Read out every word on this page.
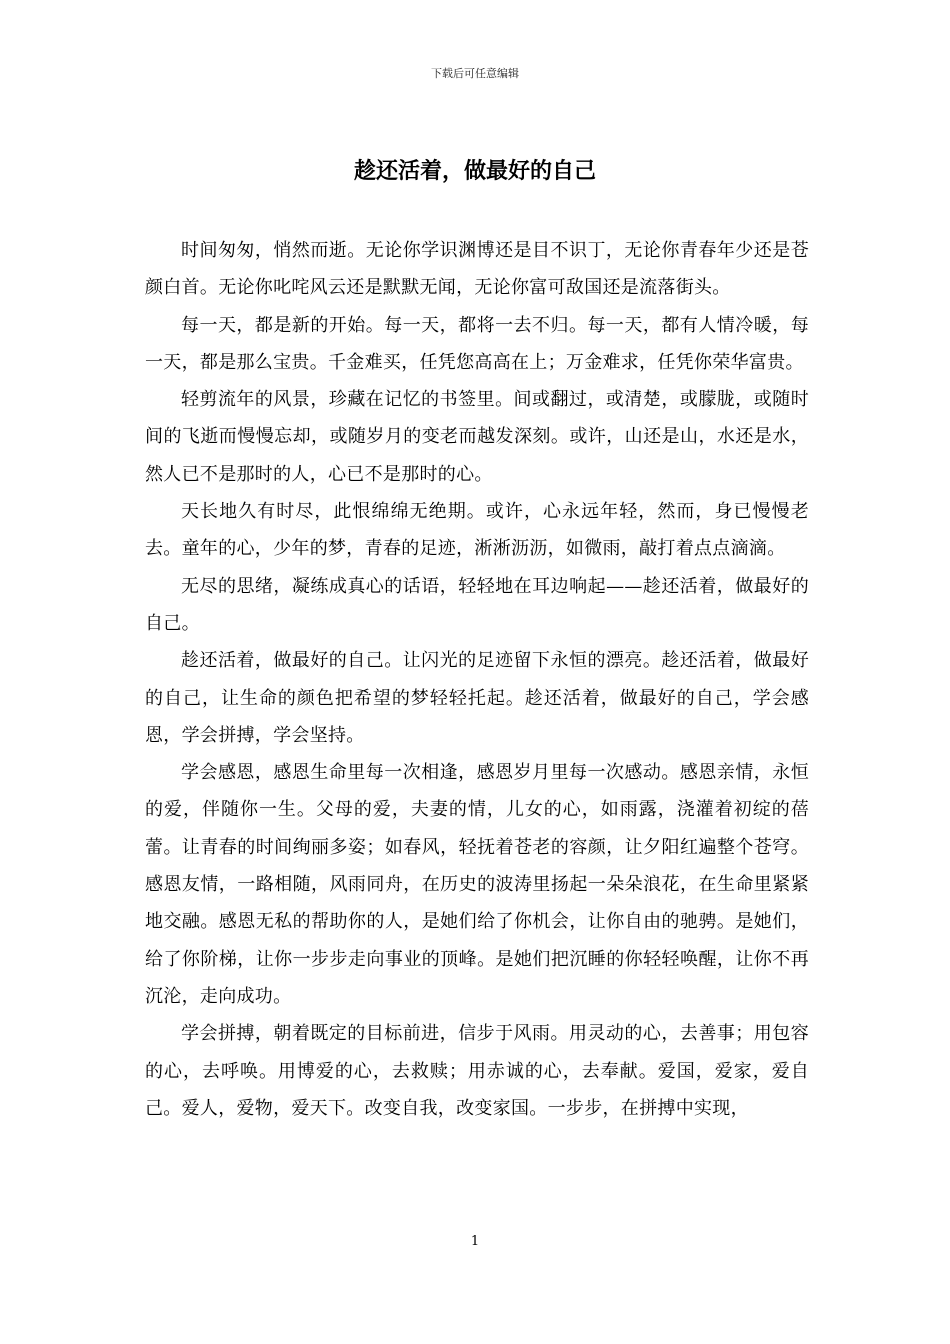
下载后可任意编辑
趁还活着，做最好的自己

时间匆匆，悄然而逝。无论你学识渊博还是目不识丁，无论你青春年少还是苍颜白首。无论你叱咤风云还是默默无闻，无论你富可敌国还是流落街头。

每一天，都是新的开始。每一天，都将一去不归。每一天，都有人情冷暖，每一天，都是那么宝贵。千金难买，任凭您高高在上；万金难求，任凭你荣华富贵。

轻剪流年的风景，珍藏在记忆的书签里。间或翻过，或清楚，或朦胧，或随时间的飞逝而慢慢忘却，或随岁月的变老而越发深刻。或许，山还是山，水还是水，然人已不是那时的人，心已不是那时的心。

天长地久有时尽，此恨绵绵无绝期。或许，心永远年轻，然而，身已慢慢老去。童年的心，少年的梦，青春的足迹，淅淅沥沥，如微雨，敲打着点点滴滴。

无尽的思绪，凝练成真心的话语，轻轻地在耳边响起——趁还活着，做最好的自己。

趁还活着，做最好的自己。让闪光的足迹留下永恒的漂亮。趁还活着，做最好的自己，让生命的颜色把希望的梦轻轻托起。趁还活着，做最好的自己，学会感恩，学会拼搏，学会坚持。

学会感恩，感恩生命里每一次相逢，感恩岁月里每一次感动。感恩亲情，永恒的爱，伴随你一生。父母的爱，夫妻的情，儿女的心，如雨露，浇灌着初绽的蓓蕾。让青春的时间绚丽多姿；如春风，轻抚着苍老的容颜，让夕阳红遍整个苍穹。感恩友情，一路相随，风雨同舟，在历史的波涛里扬起一朵朵浪花，在生命里紧紧地交融。感恩无私的帮助你的人，是她们给了你机会，让你自由的驰骋。是她们，给了你阶梯，让你一步步走向事业的顶峰。是她们把沉睡的你轻轻唤醒，让你不再沉沦，走向成功。

学会拼搏，朝着既定的目标前进，信步于风雨。用灵动的心，去善事；用包容的心，去呼唤。用博爱的心，去救赎；用赤诚的心，去奉献。爱国，爱家，爱自己。爱人，爱物，爱天下。改变自我，改变家国。一步步，在拼搏中实现，

1
